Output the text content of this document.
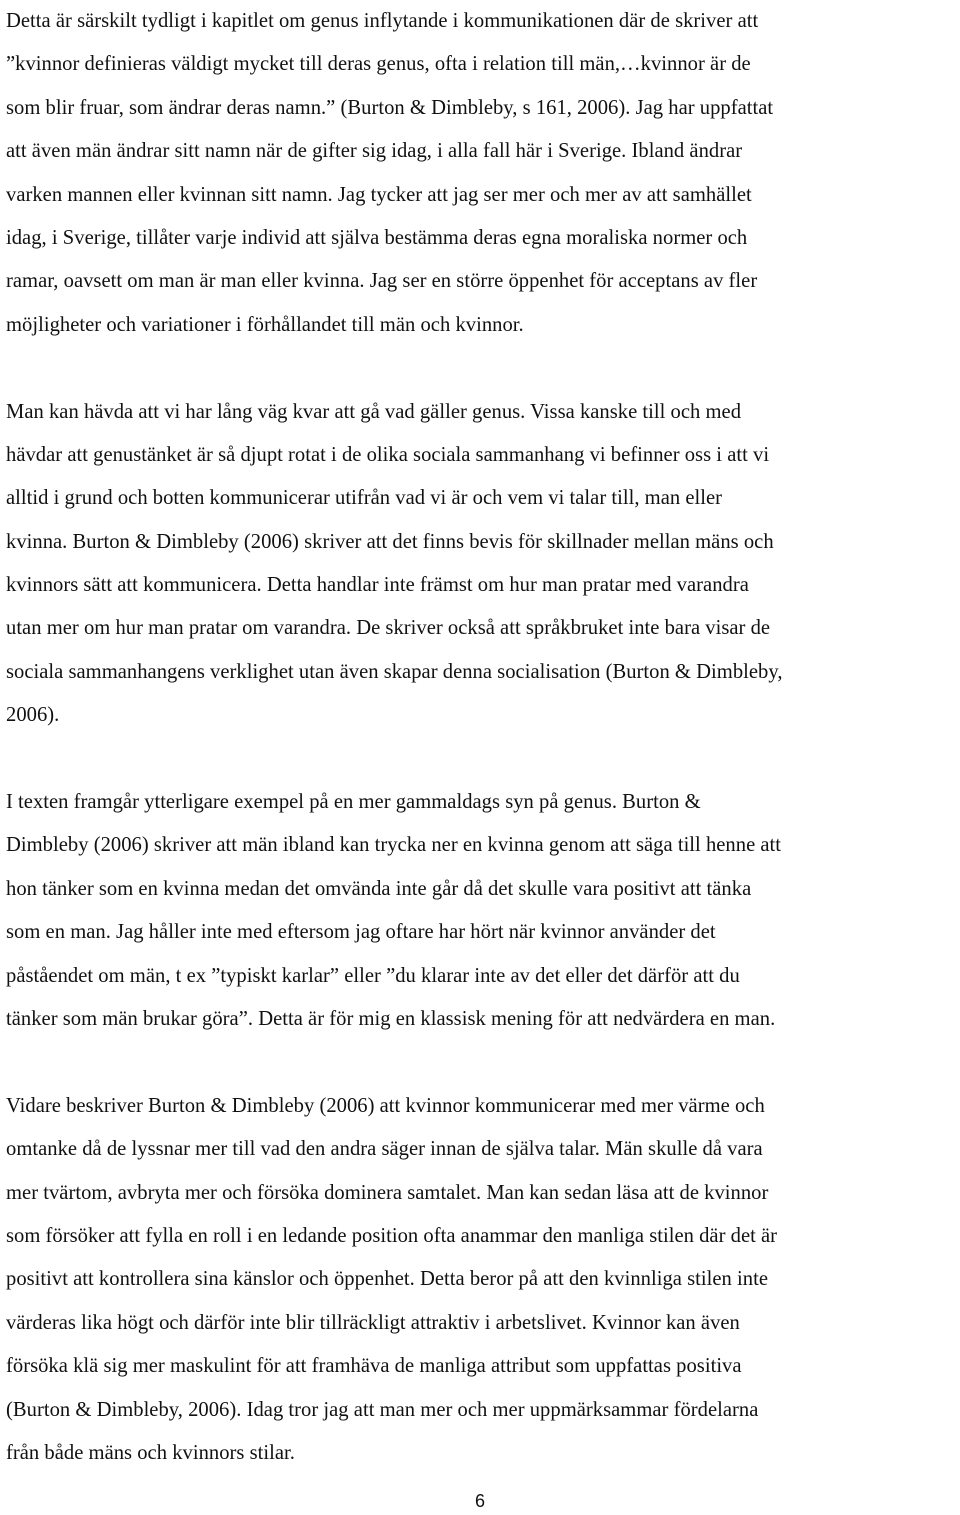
Detta är särskilt tydligt i kapitlet om genus inflytande i kommunikationen där de skriver att
”kvinnor definieras väldigt mycket till deras genus, ofta i relation till män,…kvinnor är de
som blir fruar, som ändrar deras namn.” (Burton & Dimbleby, s 161, 2006). Jag har uppfattat
att även män ändrar sitt namn när de gifter sig idag, i alla fall här i Sverige. Ibland ändrar
varken mannen eller kvinnan sitt namn. Jag tycker att jag ser mer och mer av att samhället
idag, i Sverige, tillåter varje individ att själva bestämma deras egna moraliska normer och
ramar, oavsett om man är man eller kvinna. Jag ser en större öppenhet för acceptans av fler
möjligheter och variationer i förhållandet till män och kvinnor.
Man kan hävda att vi har lång väg kvar att gå vad gäller genus. Vissa kanske till och med
hävdar att genustänket är så djupt rotat i de olika sociala sammanhang vi befinner oss i att vi
alltid i grund och botten kommunicerar utifrån vad vi är och vem vi talar till, man eller
kvinna. Burton & Dimbleby (2006) skriver att det finns bevis för skillnader mellan mäns och
kvinnors sätt att kommunicera. Detta handlar inte främst om hur man pratar med varandra
utan mer om hur man pratar om varandra. De skriver också att språkbruket inte bara visar de
sociala sammanhangens verklighet utan även skapar denna socialisation (Burton & Dimbleby,
2006).
I texten framgår ytterligare exempel på en mer gammaldags syn på genus. Burton &
Dimbleby (2006) skriver att män ibland kan trycka ner en kvinna genom att säga till henne att
hon tänker som en kvinna medan det omvända inte går då det skulle vara positivt att tänka
som en man. Jag håller inte med eftersom jag oftare har hört när kvinnor använder det
påståendet om män, t ex ”typiskt karlar” eller ”du klarar inte av det eller det därför att du
tänker som män brukar göra”. Detta är för mig en klassisk mening för att nedvärdera en man.
Vidare beskriver Burton & Dimbleby (2006) att kvinnor kommunicerar med mer värme och
omtanke då de lyssnar mer till vad den andra säger innan de själva talar. Män skulle då vara
mer tvärtom, avbryta mer och försöka dominera samtalet. Man kan sedan läsa att de kvinnor
som försöker att fylla en roll i en ledande position ofta anammar den manliga stilen där det är
positivt att kontrollera sina känslor och öppenhet. Detta beror på att den kvinnliga stilen inte
värderas lika högt och därför inte blir tillräckligt attraktiv i arbetslivet. Kvinnor kan även
försöka klä sig mer maskulint för att framhäva de manliga attribut som uppfattas positiva
(Burton & Dimbleby, 2006). Idag tror jag att man mer och mer uppmärksammar fördelarna
från både mäns och kvinnors stilar.
6
